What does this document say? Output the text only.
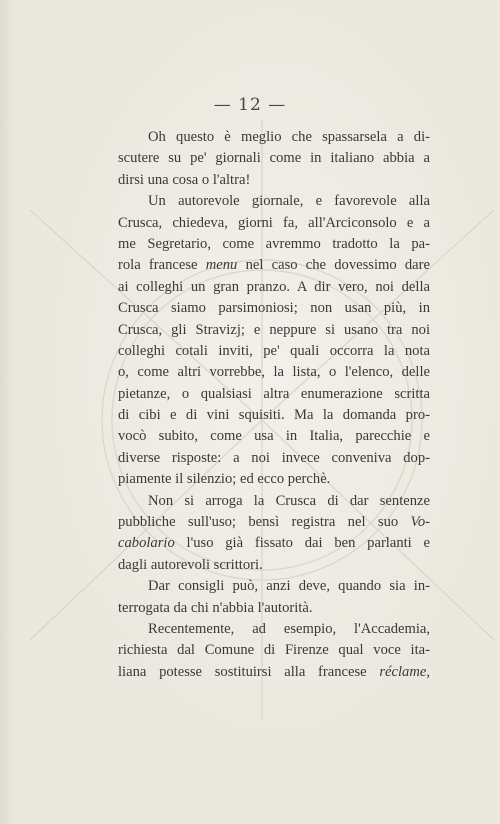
— 12 —
Oh questo è meglio che spassarsela a di-
scutere su pe' giornali come in italiano abbia a
dirsi una cosa o l'altra!
Un autorevole giornale, e favorevole alla
Crusca, chiedeva, giorni fa, all'Arciconsolo e a
me Segretario, come avremmo tradotto la pa-
rola francese menu nel caso che dovessimo dare
ai colleghi un gran pranzo. A dir vero, noi della
Crusca siamo parsimoniosi; non usan più, in
Crusca, gli Stravizj; e neppure si usano tra noi
colleghi cotali inviti, pe' quali occorra la nota
o, come altri vorrebbe, la lista, o l'elenco, delle
pietanze, o qualsiasi altra enumerazione scritta
di cibi e di vini squisiti. Ma la domanda pro-
vocò subito, come usa in Italia, parecchie e
diverse risposte: a noi invece conveniva dop-
piamente il silenzio; ed ecco perchè.
Non si arroga la Crusca di dar sentenze
pubbliche sull'uso; bensì registra nel suo Vo-
cabolario l'uso già fissato dai ben parlanti e
dagli autorevoli scrittori.
Dar consigli può, anzi deve, quando sia in-
terrogata da chi n'abbia l'autorità.
Recentemente, ad esempio, l'Accademia,
richiesta dal Comune di Firenze qual voce ita-
liana potesse sostituirsi alla francese réclame,
